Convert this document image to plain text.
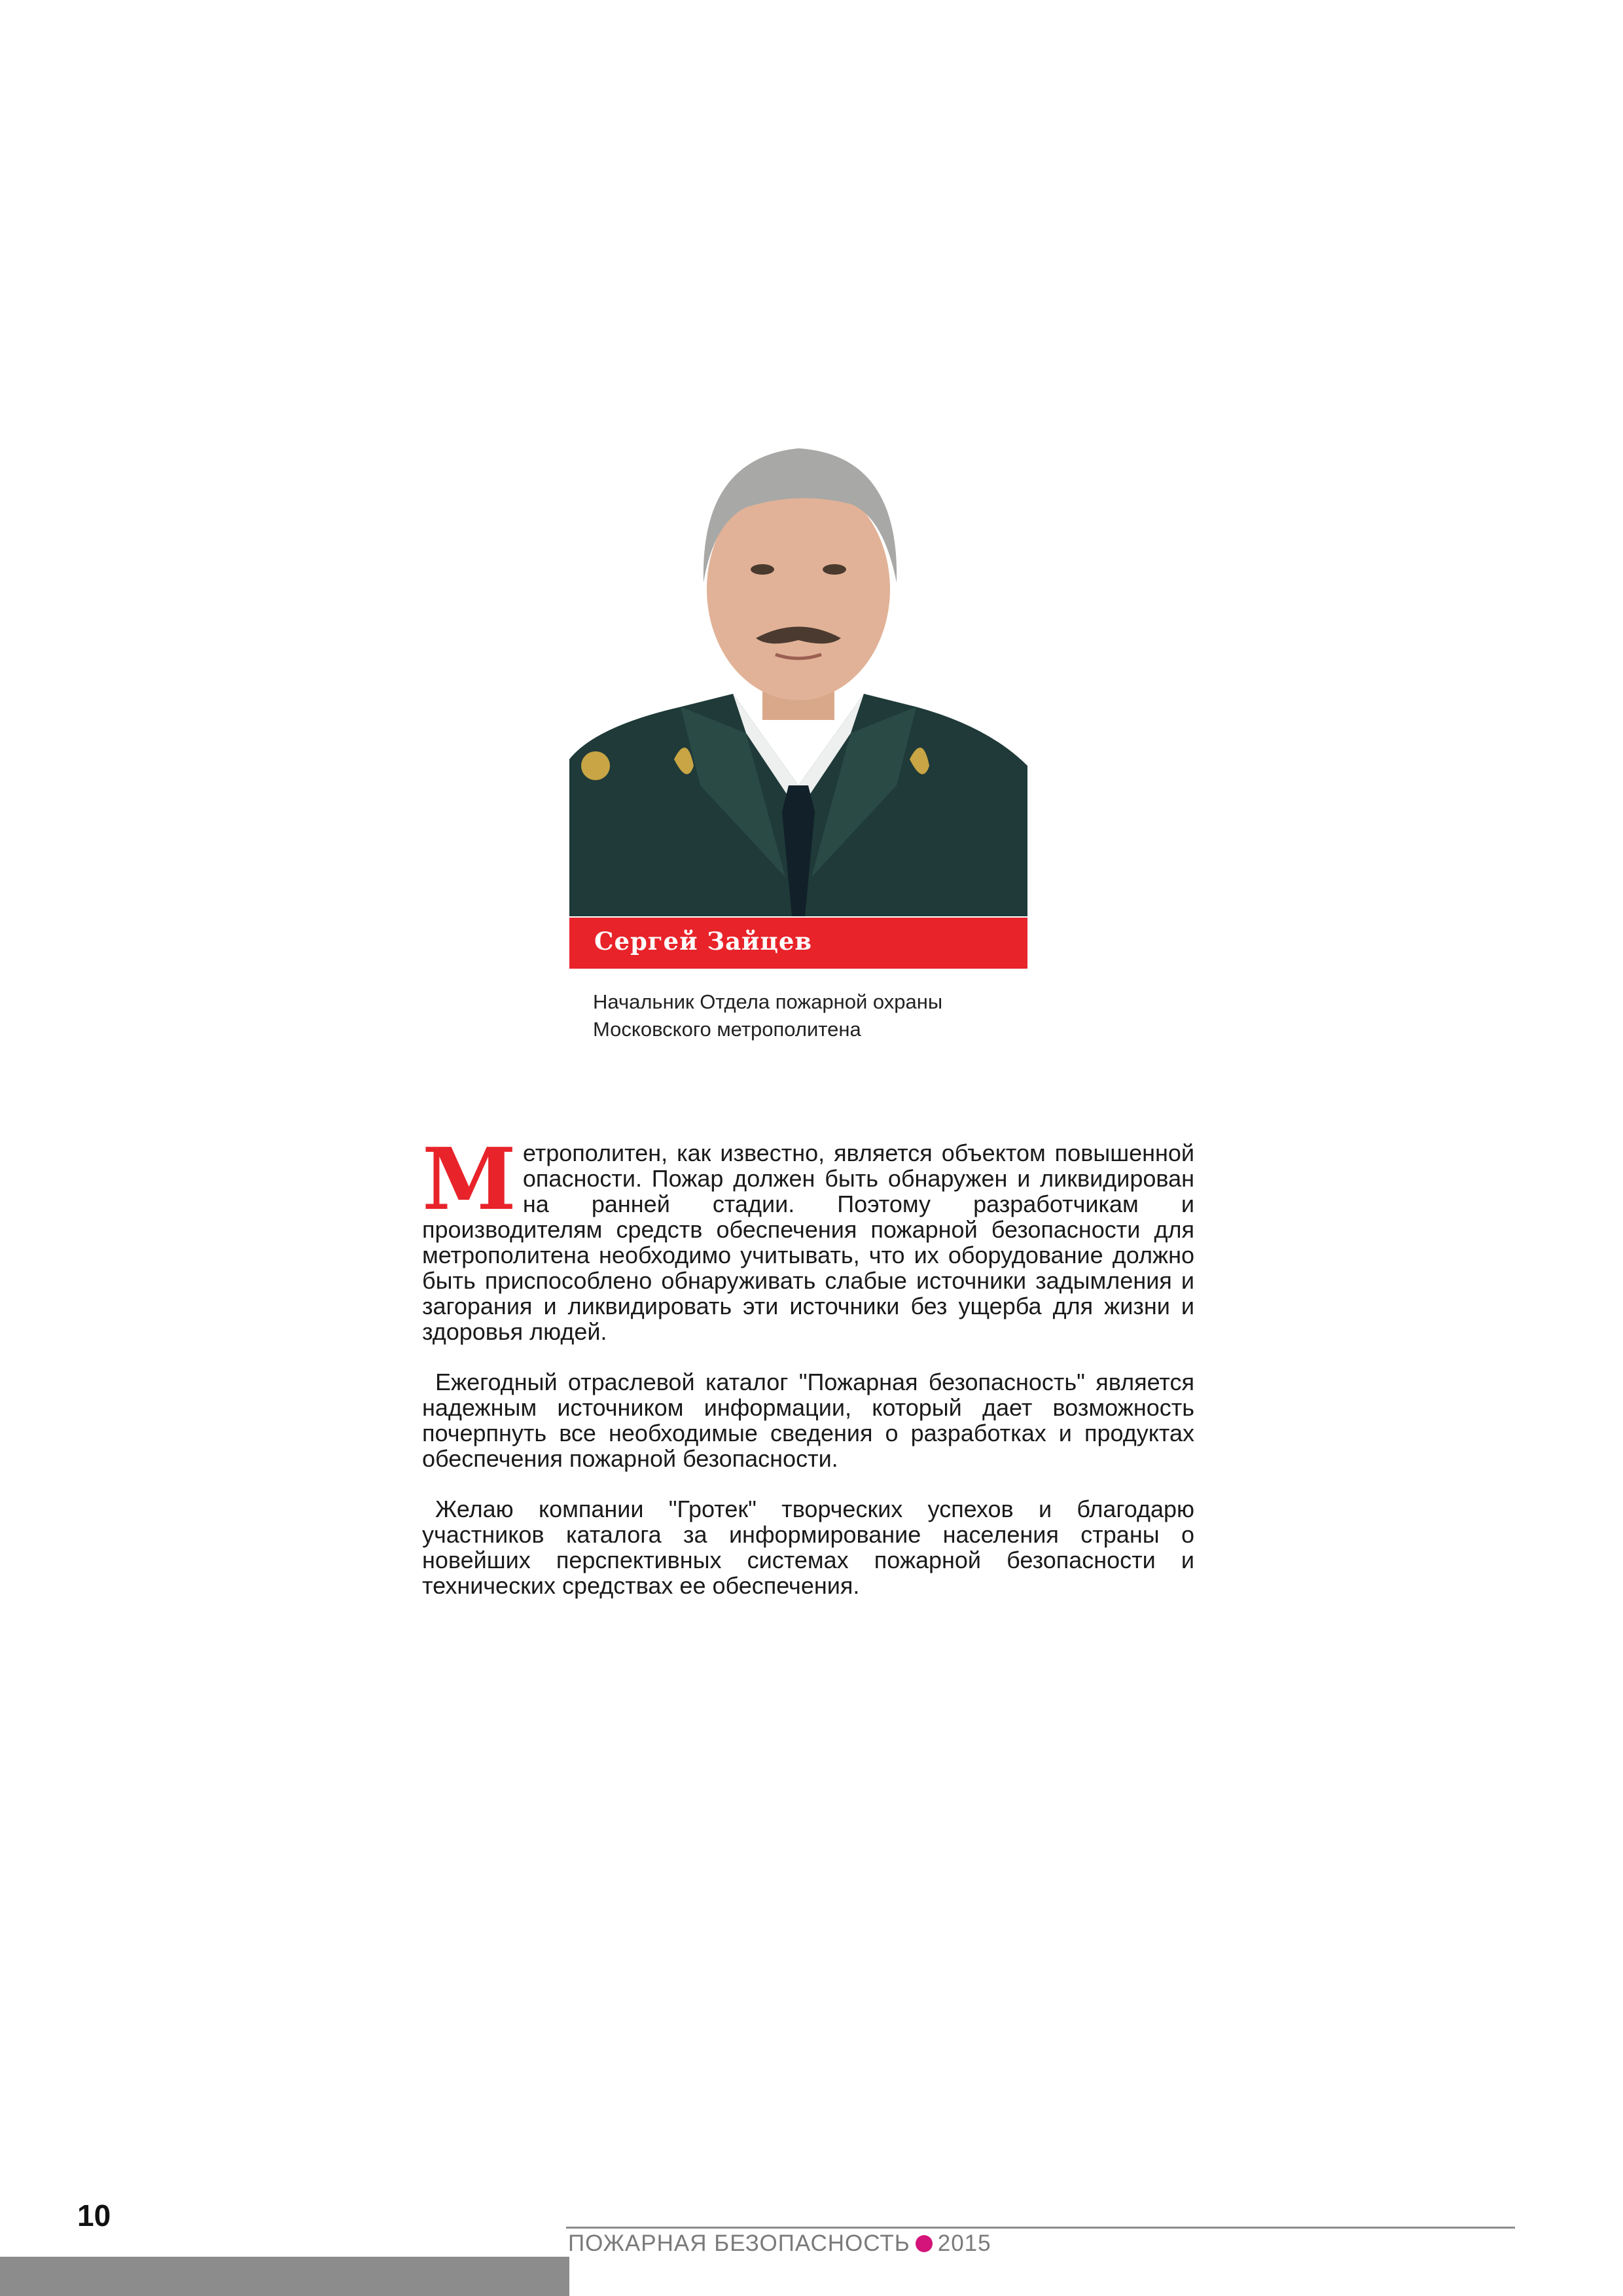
Сергей Зайцев
Начальник Отдела пожарной охраны
Московского метрополитена

Метрополитен, как известно, является объектом повышенной опасности. Пожар должен быть обнаружен и ликвидирован на ранней стадии. Поэтому разработчикам и производителям средств обеспечения пожарной безопасности для метрополитена необходимо учитывать, что их оборудование должно быть приспособлено обнаруживать слабые источники задымления и загорания и ликвидировать эти источники без ущерба для жизни и здоровья людей.

Ежегодный отраслевой каталог "Пожарная безопасность" является надежным источником информации, который дает возможность почерпнуть все необходимые сведения о разработках и продуктах обеспечения пожарной безопасности.

Желаю компании "Гротек" творческих успехов и благодарю участников каталога за информирование населения страны о новейших перспективных системах пожарной безопасности и технических средствах ее обеспечения.

10
ПОЖАРНАЯ БЕЗОПАСНОСТЬ 2015
